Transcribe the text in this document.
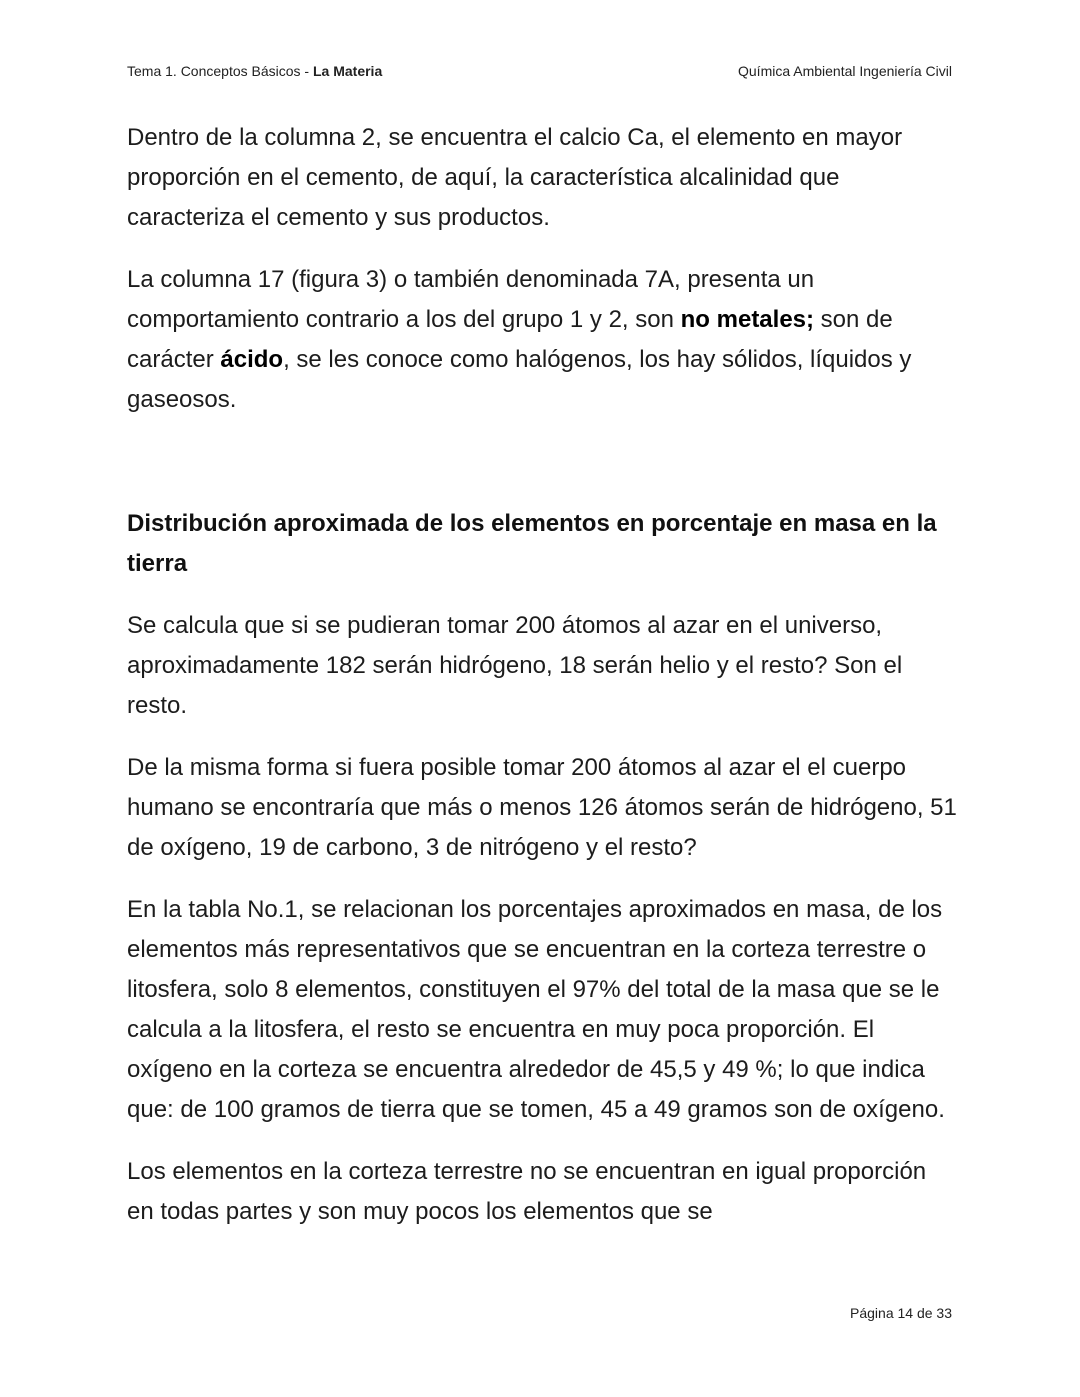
Tema 1. Conceptos Básicos - La Materia	Química Ambiental Ingeniería Civil

Dentro de la columna 2, se encuentra el calcio Ca, el elemento en mayor proporción en el cemento, de aquí, la característica alcalinidad que caracteriza el cemento y sus productos.

La columna 17 (figura 3) o también denominada 7A, presenta un comportamiento contrario a los del grupo 1 y 2, son no metales; son de carácter ácido, se les conoce como halógenos, los hay sólidos, líquidos y gaseosos.

Distribución aproximada de los elementos en porcentaje en masa en la tierra

Se calcula que si se pudieran tomar 200 átomos al azar en el universo, aproximadamente 182 serán hidrógeno, 18 serán helio y el resto? Son el resto.

De la misma forma si fuera posible tomar 200 átomos al azar el el cuerpo humano se encontraría que más o menos 126 átomos serán de hidrógeno, 51 de oxígeno, 19 de carbono, 3 de nitrógeno y el resto?

En la tabla No.1, se relacionan los porcentajes aproximados en masa, de los elementos más representativos que se encuentran en la corteza terrestre o litosfera, solo 8 elementos, constituyen el 97% del total de la masa que se le calcula a la litosfera, el resto se encuentra en muy poca proporción. El oxígeno en la corteza se encuentra alrededor de 45,5 y 49 %; lo que indica que: de 100 gramos de tierra que se tomen, 45 a 49 gramos son de oxígeno.

Los elementos en la corteza terrestre no se encuentran en igual proporción en todas partes y son muy pocos los elementos que se

Página 14 de 33
